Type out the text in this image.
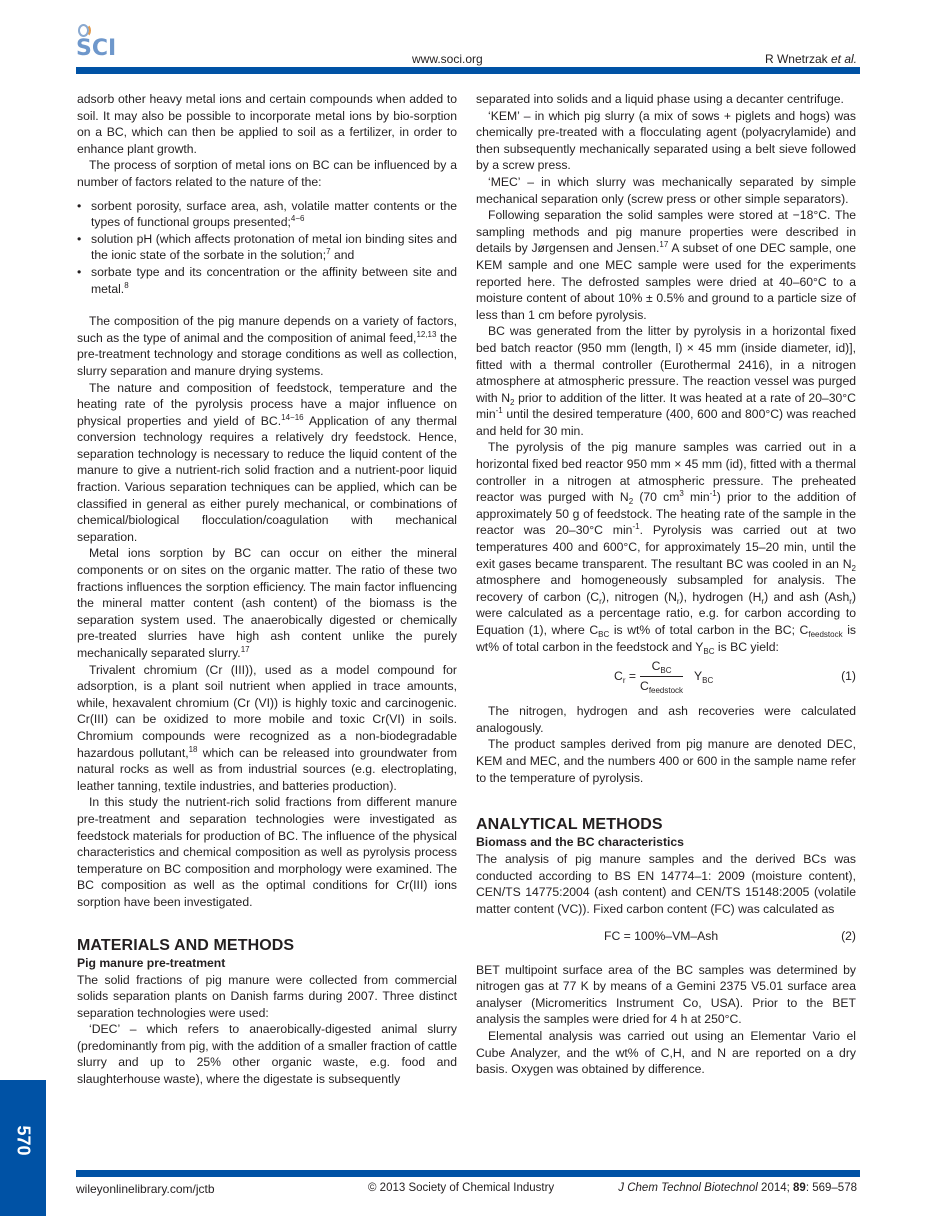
SCI	www.soci.org	R Wnetrzak et al.

adsorb other heavy metal ions and certain compounds when added to soil. It may also be possible to incorporate metal ions by bio-sorption on a BC, which can then be applied to soil as a fertilizer, in order to enhance plant growth.

The process of sorption of metal ions on BC can be influenced by a number of factors related to the nature of the:

• sorbent porosity, surface area, ash, volatile matter contents or the types of functional groups presented;$^{4-6}$
• solution pH (which affects protonation of metal ion binding sites and the ionic state of the sorbate in the solution;$^7$ and
• sorbate type and its concentration or the affinity between site and metal.$^8$

The composition of the pig manure depends on a variety of factors, such as the type of animal and the composition of animal feed,$^{12,13}$ the pre-treatment technology and storage conditions as well as collection, slurry separation and manure drying systems.

The nature and composition of feedstock, temperature and the heating rate of the pyrolysis process have a major influence on physical properties and yield of BC.$^{14-16}$ Application of any thermal conversion technology requires a relatively dry feedstock. Hence, separation technology is necessary to reduce the liquid content of the manure to give a nutrient-rich solid fraction and a nutrient-poor liquid fraction. Various separation techniques can be applied, which can be classified in general as either purely mechanical, or combinations of chemical/biological flocculation/coagulation with mechanical separation.

Metal ions sorption by BC can occur on either the mineral components or on sites on the organic matter. The ratio of these two fractions influences the sorption efficiency. The main factor influencing the mineral matter content (ash content) of the biomass is the separation system used. The anaerobically digested or chemically pre-treated slurries have high ash content unlike the purely mechanically separated slurry.$^{17}$

Trivalent chromium (Cr (III)), used as a model compound for adsorption, is a plant soil nutrient when applied in trace amounts, while, hexavalent chromium (Cr (VI)) is highly toxic and carcinogenic. Cr(III) can be oxidized to more mobile and toxic Cr(VI) in soils. Chromium compounds were recognized as a non-biodegradable hazardous pollutant,$^{18}$ which can be released into groundwater from natural rocks as well as from industrial sources (e.g. electroplating, leather tanning, textile industries, and batteries production).

In this study the nutrient-rich solid fractions from different manure pre-treatment and separation technologies were investigated as feedstock materials for production of BC. The influence of the physical characteristics and chemical composition as well as pyrolysis process temperature on BC composition and morphology were examined. The BC composition as well as the optimal conditions for Cr(III) ions sorption have been investigated.

MATERIALS AND METHODS
Pig manure pre-treatment

The solid fractions of pig manure were collected from commercial solids separation plants on Danish farms during 2007. Three distinct separation technologies were used:

‘DEC’ – which refers to anaerobically-digested animal slurry (predominantly from pig, with the addition of a smaller fraction of cattle slurry and up to 25% other organic waste, e.g. food and slaughterhouse waste), where the digestate is subsequently

separated into solids and a liquid phase using a decanter centrifuge.

‘KEM’ – in which pig slurry (a mix of sows + piglets and hogs) was chemically pre-treated with a flocculating agent (polyacrylamide) and then subsequently mechanically separated using a belt sieve followed by a screw press.

‘MEC’ – in which slurry was mechanically separated by simple mechanical separation only (screw press or other simple separators).

Following separation the solid samples were stored at −18°C. The sampling methods and pig manure properties were described in details by Jørgensen and Jensen.$^{17}$ A subset of one DEC sample, one KEM sample and one MEC sample were used for the experiments reported here. The defrosted samples were dried at 40–60°C to a moisture content of about 10% ± 0.5% and ground to a particle size of less than 1 cm before pyrolysis.

BC was generated from the litter by pyrolysis in a horizontal fixed bed batch reactor (950 mm (length, l) × 45 mm (inside diameter, id)], fitted with a thermal controller (Eurothermal 2416), in a nitrogen atmosphere at atmospheric pressure. The reaction vessel was purged with $N_2$ prior to addition of the litter. It was heated at a rate of 20–30°C $\min^{-1}$ until the desired temperature (400, 600 and 800°C) was reached and held for 30 min.

The pyrolysis of the pig manure samples was carried out in a horizontal fixed bed reactor 950 mm × 45 mm (id), fitted with a thermal controller in a nitrogen at atmospheric pressure. The preheated reactor was purged with $N_2$ (70 $cm^3$ $\min^{-1}$) prior to the addition of approximately 50 g of feedstock. The heating rate of the sample in the reactor was 20–30°C $\min^{-1}$. Pyrolysis was carried out at two temperatures 400 and 600°C, for approximately 15–20 min, until the exit gases became transparent. The resultant BC was cooled in an $N_2$ atmosphere and homogeneously subsampled for analysis. The recovery of carbon $(C_r)$, nitrogen $(N_r)$, hydrogen $(H_r)$ and ash (Ash$_r$) were calculated as a percentage ratio, e.g. for carbon according to Equation (1), where $C_{BC}$ is wt% of total carbon in the BC; $C_{feedstock}$ is wt% of total carbon in the feedstock and $Y_{BC}$ is BC yield:

$C_r$ =
$C_{BC}$
$C_{feedstock}$
$Y_{BC}$	(1)

The nitrogen, hydrogen and ash recoveries were calculated analogously.

The product samples derived from pig manure are denoted DEC, KEM and MEC, and the numbers 400 or 600 in the sample name refer to the temperature of pyrolysis.

ANALYTICAL METHODS
Biomass and the BC characteristics

The analysis of pig manure samples and the derived BCs was conducted according to BS EN 14774–1: 2009 (moisture content), CEN/TS 14775:2004 (ash content) and CEN/TS 15148:2005 (volatile matter content (VC)). Fixed carbon content (FC) was calculated as

FC = 100%–VM–Ash	(2)

BET multipoint surface area of the BC samples was determined by nitrogen gas at 77 K by means of a Gemini 2375 V5.01 surface area analyser (Micromeritics Instrument Co, USA). Prior to the BET analysis the samples were dried for 4 h at 250°C.

Elemental analysis was carried out using an Elementar Vario el Cube Analyzer, and the wt% of C,H, and N are reported on a dry basis. Oxygen was obtained by difference.

570
wileyonlinelibrary.com/jctb	© 2013 Society of Chemical Industry	J Chem Technol Biotechnol 2014; 89: 569–578
